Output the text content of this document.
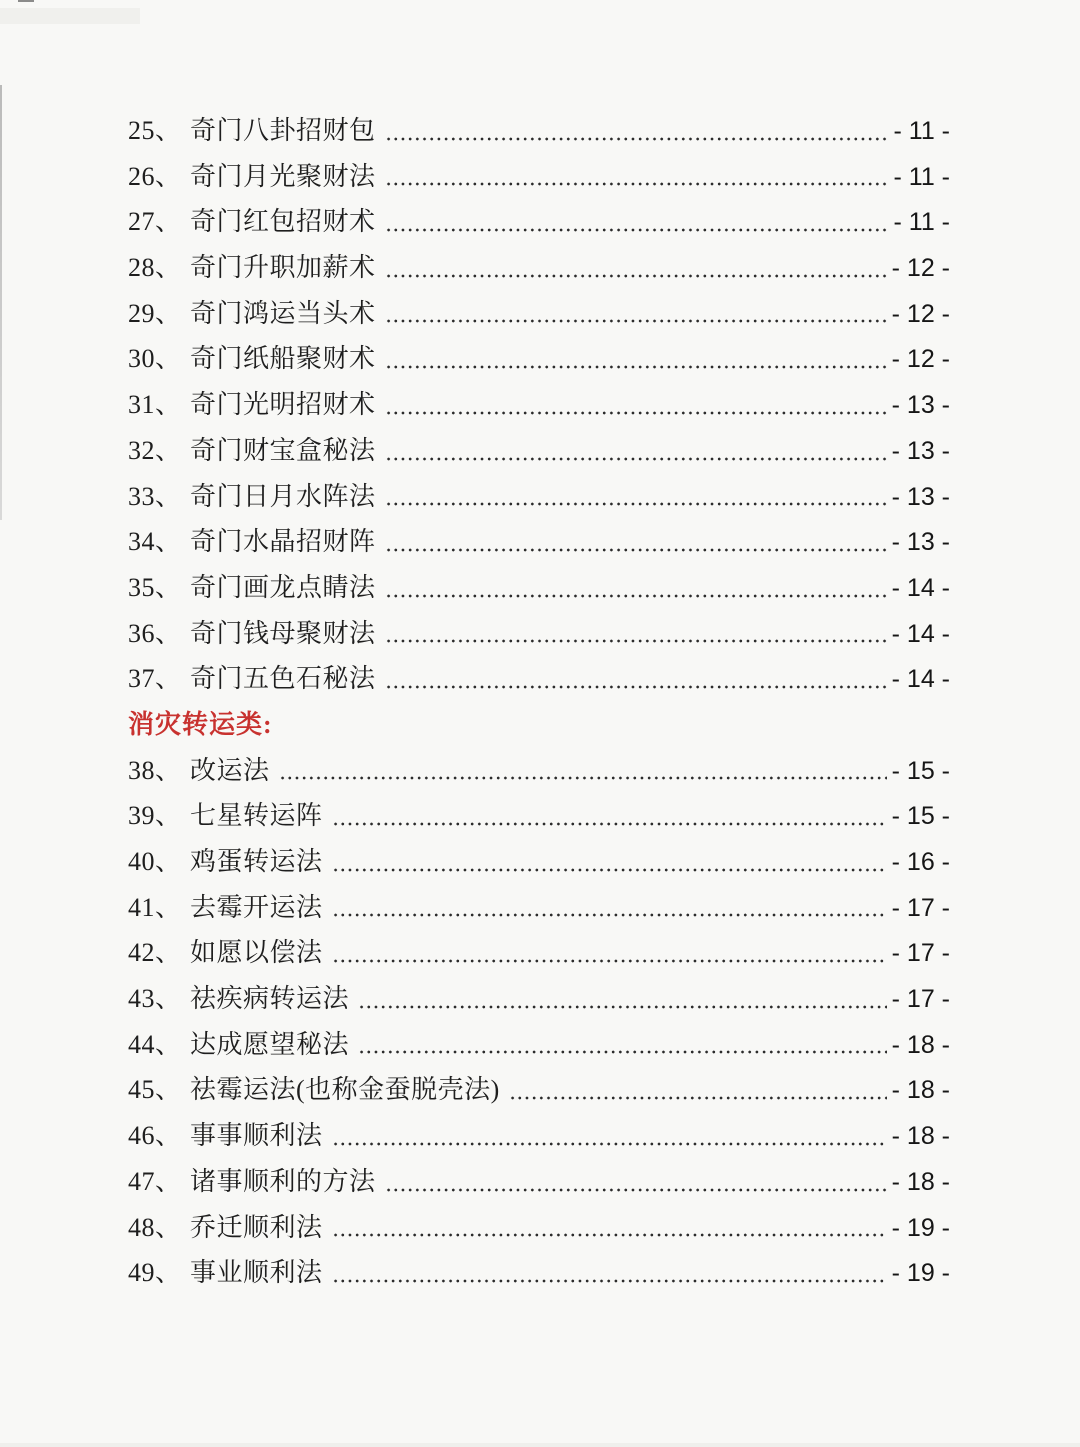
25 、 奇门八卦招财包	- 11 -
26 、 奇门月光聚财法	- 11 -
27 、 奇门红包招财术	- 11 -
28 、 奇门升职加薪术	- 12 -
29 、 奇门鸿运当头术	- 12 -
30 、 奇门纸船聚财术	- 12 -
31 、 奇门光明招财术	- 13 -
32 、 奇门财宝盒秘法	- 13 -
33 、 奇门日月水阵法	- 13 -
34 、 奇门水晶招财阵	- 13 -
35 、 奇门画龙点睛法	- 14 -
36 、 奇门钱母聚财法	- 14 -
37 、 奇门五色石秘法	- 14 -
消灾转运类:
38 、 改运法	- 15 -
39 、 七星转运阵	- 15 -
40 、 鸡蛋转运法	- 16 -
41 、 去霉开运法	- 17 -
42 、 如愿以偿法	- 17 -
43 、 祛疾病转运法	- 17 -
44 、 达成愿望秘法	- 18 -
45 、 祛霉运法(也称金蚕脱壳法)	- 18 -
46 、 事事顺利法	- 18 -
47 、 诸事顺利的方法	- 18 -
48 、 乔迁顺利法	- 19 -
49 、 事业顺利法	- 19 -
